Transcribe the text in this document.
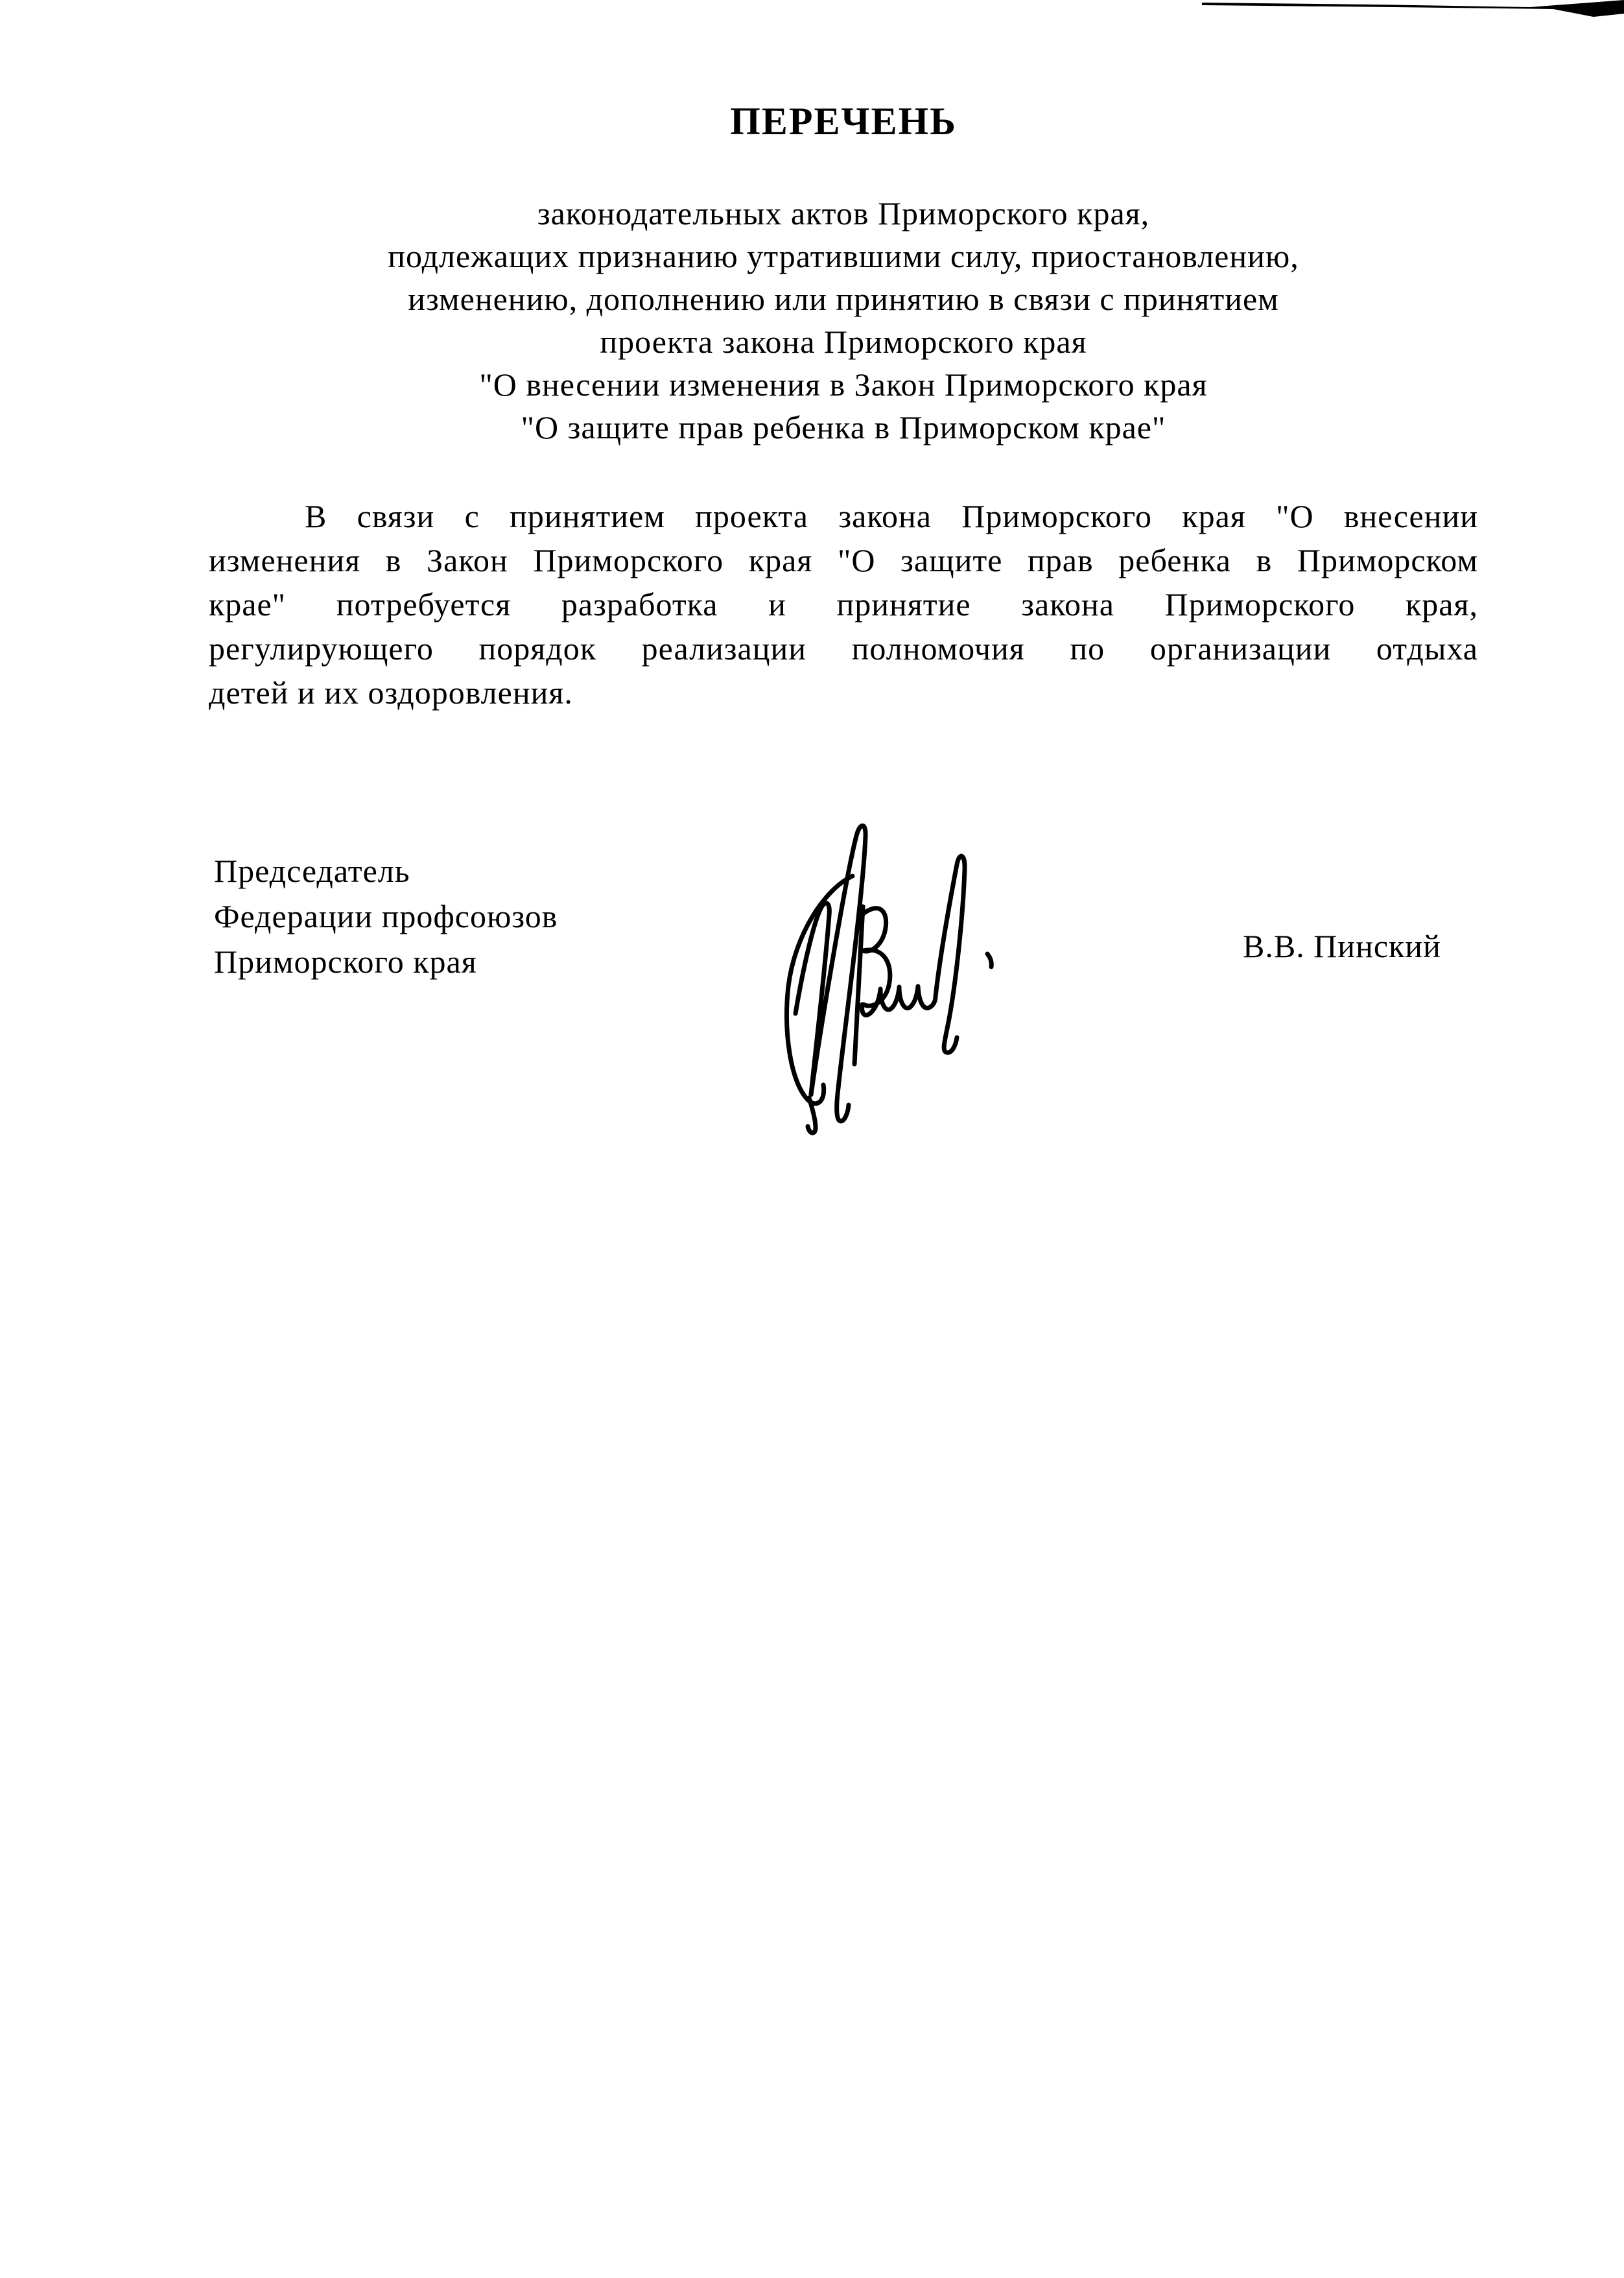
ПЕРЕЧЕНЬ
законодательных актов Приморского края,
подлежащих признанию утратившими силу, приостановлению,
изменению, дополнению или принятию в связи с принятием
проекта закона Приморского края
"О внесении изменения в Закон Приморского края
"О защите прав ребенка в Приморском крае"
В связи с принятием проекта закона Приморского края "О внесении
изменения в Закон Приморского края "О защите прав ребенка в Приморском
крае" потребуется разработка и принятие закона Приморского края,
регулирующего порядок реализации полномочия по организации отдыха
детей и их оздоровления.
Председатель
Федерации профсоюзов
Приморского края	В.В. Пинский
